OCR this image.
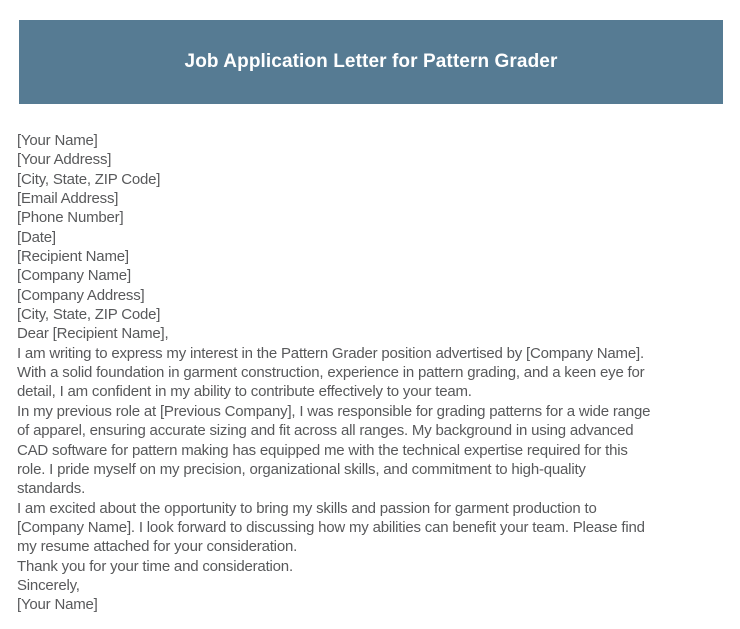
Job Application Letter for Pattern Grader
[Your Name]
[Your Address]
[City, State, ZIP Code]
[Email Address]
[Phone Number]
[Date]
[Recipient Name]
[Company Name]
[Company Address]
[City, State, ZIP Code]
Dear [Recipient Name],
I am writing to express my interest in the Pattern Grader position advertised by [Company Name].
With a solid foundation in garment construction, experience in pattern grading, and a keen eye for
detail, I am confident in my ability to contribute effectively to your team.
In my previous role at [Previous Company], I was responsible for grading patterns for a wide range
of apparel, ensuring accurate sizing and fit across all ranges. My background in using advanced
CAD software for pattern making has equipped me with the technical expertise required for this
role. I pride myself on my precision, organizational skills, and commitment to high-quality
standards.
I am excited about the opportunity to bring my skills and passion for garment production to
[Company Name]. I look forward to discussing how my abilities can benefit your team. Please find
my resume attached for your consideration.
Thank you for your time and consideration.
Sincerely,
[Your Name]
